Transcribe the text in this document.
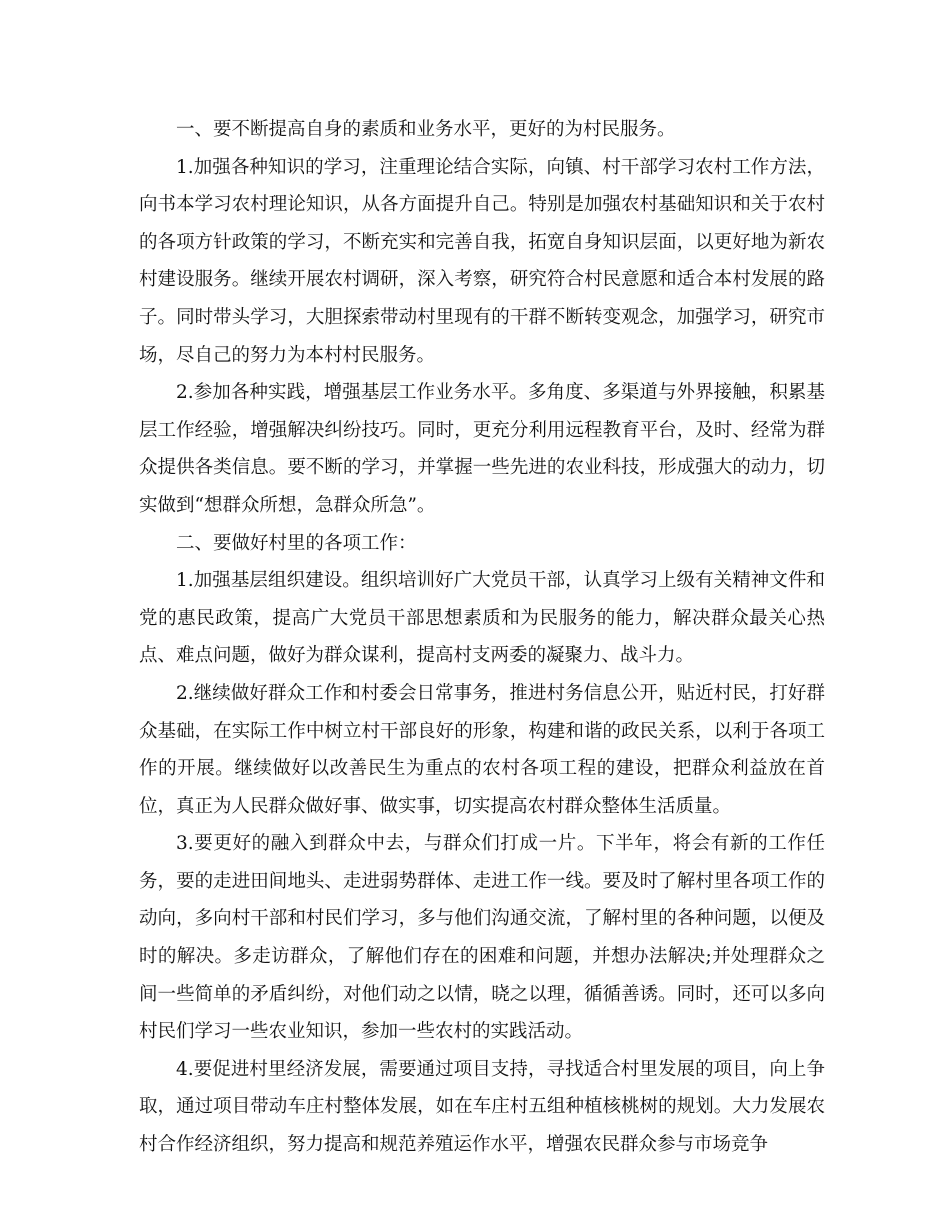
一、要不断提高自身的素质和业务水平，更好的为村民服务。

1.加强各种知识的学习，注重理论结合实际，向镇、村干部学习农村工作方法，向书本学习农村理论知识，从各方面提升自己。特别是加强农村基础知识和关于农村的各项方针政策的学习，不断充实和完善自我，拓宽自身知识层面，以更好地为新农村建设服务。继续开展农村调研，深入考察，研究符合村民意愿和适合本村发展的路子。同时带头学习，大胆探索带动村里现有的干群不断转变观念，加强学习，研究市场，尽自己的努力为本村村民服务。

2.参加各种实践，增强基层工作业务水平。多角度、多渠道与外界接触，积累基层工作经验，增强解决纠纷技巧。同时，更充分利用远程教育平台，及时、经常为群众提供各类信息。要不断的学习，并掌握一些先进的农业科技，形成强大的动力，切实做到“想群众所想，急群众所急”。

二、要做好村里的各项工作：

1.加强基层组织建设。组织培训好广大党员干部，认真学习上级有关精神文件和党的惠民政策，提高广大党员干部思想素质和为民服务的能力，解决群众最关心热点、难点问题，做好为群众谋利，提高村支两委的凝聚力、战斗力。

2.继续做好群众工作和村委会日常事务，推进村务信息公开，贴近村民，打好群众基础，在实际工作中树立村干部良好的形象，构建和谐的政民关系，以利于各项工作的开展。继续做好以改善民生为重点的农村各项工程的建设，把群众利益放在首位，真正为人民群众做好事、做实事，切实提高农村群众整体生活质量。

3.要更好的融入到群众中去，与群众们打成一片。下半年，将会有新的工作任务，要的走进田间地头、走进弱势群体、走进工作一线。要及时了解村里各项工作的动向，多向村干部和村民们学习，多与他们沟通交流，了解村里的各种问题，以便及时的解决。多走访群众，了解他们存在的困难和问题，并想办法解决;并处理群众之间一些简单的矛盾纠纷，对他们动之以情，晓之以理，循循善诱。同时，还可以多向村民们学习一些农业知识，参加一些农村的实践活动。

4.要促进村里经济发展，需要通过项目支持，寻找适合村里发展的项目，向上争取，通过项目带动车庄村整体发展，如在车庄村五组种植核桃树的规划。大力发展农村合作经济组织，努力提高和规范养殖运作水平，增强农民群众参与市场竞争
